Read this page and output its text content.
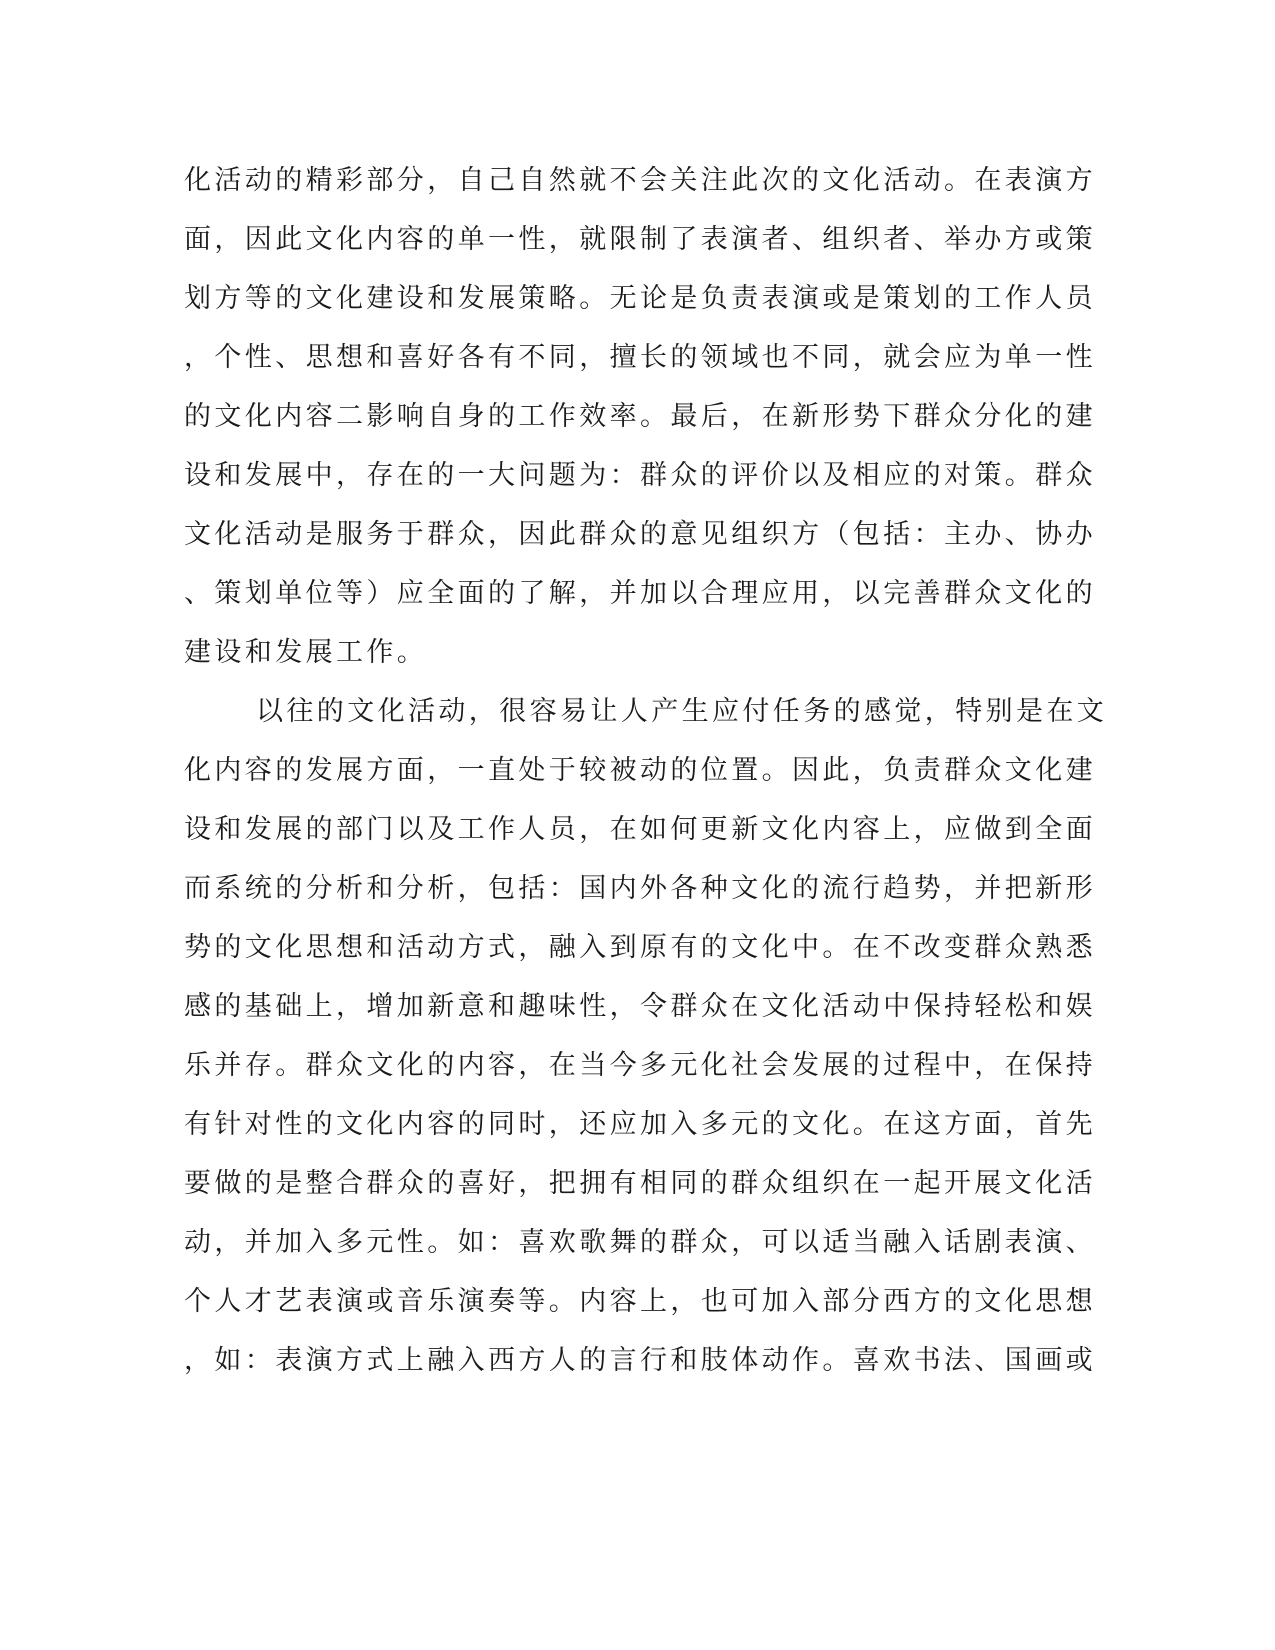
化活动的精彩部分，自己自然就不会关注此次的文化活动。在表演方
面，因此文化内容的单一性，就限制了表演者、组织者、举办方或策
划方等的文化建设和发展策略。无论是负责表演或是策划的工作人员
，个性、思想和喜好各有不同，擅长的领域也不同，就会应为单一性
的文化内容二影响自身的工作效率。最后，在新形势下群众分化的建
设和发展中，存在的一大问题为：群众的评价以及相应的对策。群众
文化活动是服务于群众，因此群众的意见组织方（包括：主办、协办
、策划单位等）应全面的了解，并加以合理应用，以完善群众文化的
建设和发展工作。
以往的文化活动，很容易让人产生应付任务的感觉，特别是在文
化内容的发展方面，一直处于较被动的位置。因此，负责群众文化建
设和发展的部门以及工作人员，在如何更新文化内容上，应做到全面
而系统的分析和分析，包括：国内外各种文化的流行趋势，并把新形
势的文化思想和活动方式，融入到原有的文化中。在不改变群众熟悉
感的基础上，增加新意和趣味性，令群众在文化活动中保持轻松和娱
乐并存。群众文化的内容，在当今多元化社会发展的过程中，在保持
有针对性的文化内容的同时，还应加入多元的文化。在这方面，首先
要做的是整合群众的喜好，把拥有相同的群众组织在一起开展文化活
动，并加入多元性。如：喜欢歌舞的群众，可以适当融入话剧表演、
个人才艺表演或音乐演奏等。内容上，也可加入部分西方的文化思想
，如：表演方式上融入西方人的言行和肢体动作。喜欢书法、国画或
